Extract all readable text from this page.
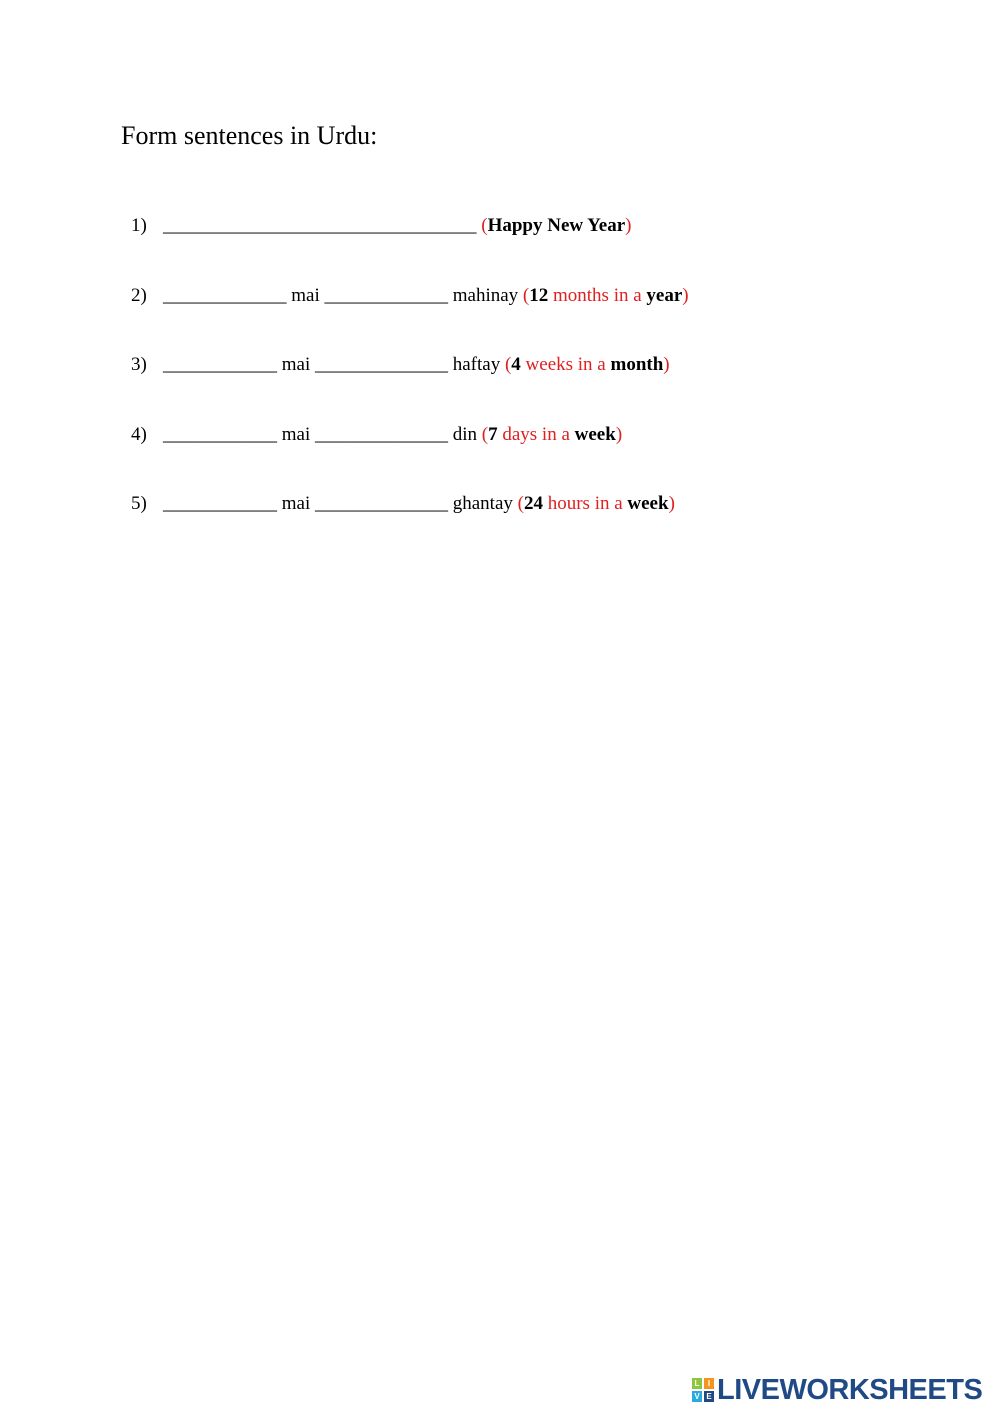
Form sentences in Urdu:
1) _________________________________ (Happy New Year)
2) _____________ mai _____________ mahinay (12 months in a year)
3) ____________ mai ______________ haftay (4 weeks in a month)
4) ____________ mai ______________ din (7 days in a week)
5) ____________ mai ______________ ghantay (24 hours in a week)
L	I
V E LIVEWORKSHEETS
